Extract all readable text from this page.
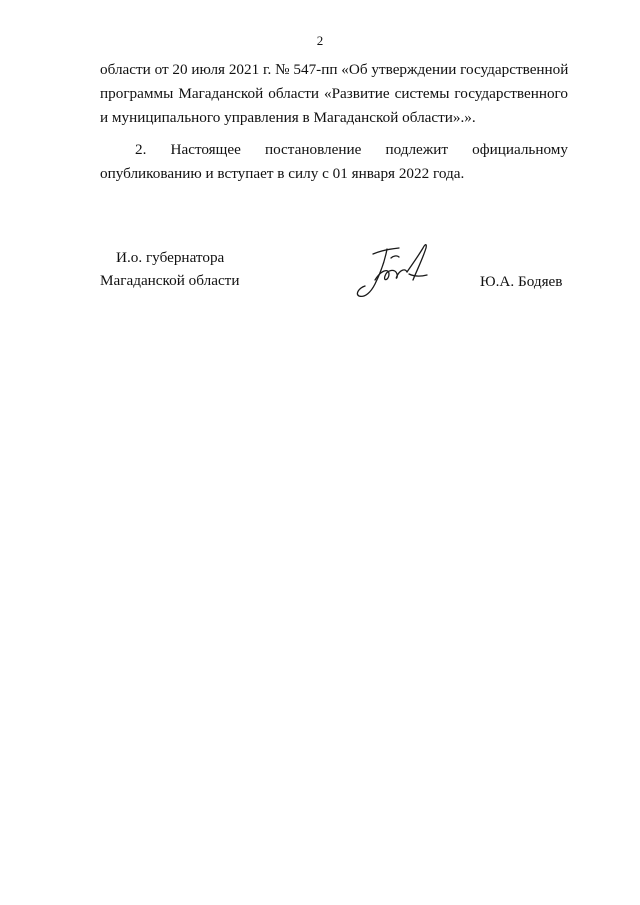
2
области от 20 июля 2021 г. № 547-пп «Об утверждении государственной
программы Магаданской области «Развитие системы государственного
и муниципального управления в Магаданской области».».
2. Настоящее постановление подлежит официальному
опубликованию и вступает в силу с 01 января 2022 года.
И.о. губернатора
Магаданской области	Ю.А. Бодяев
